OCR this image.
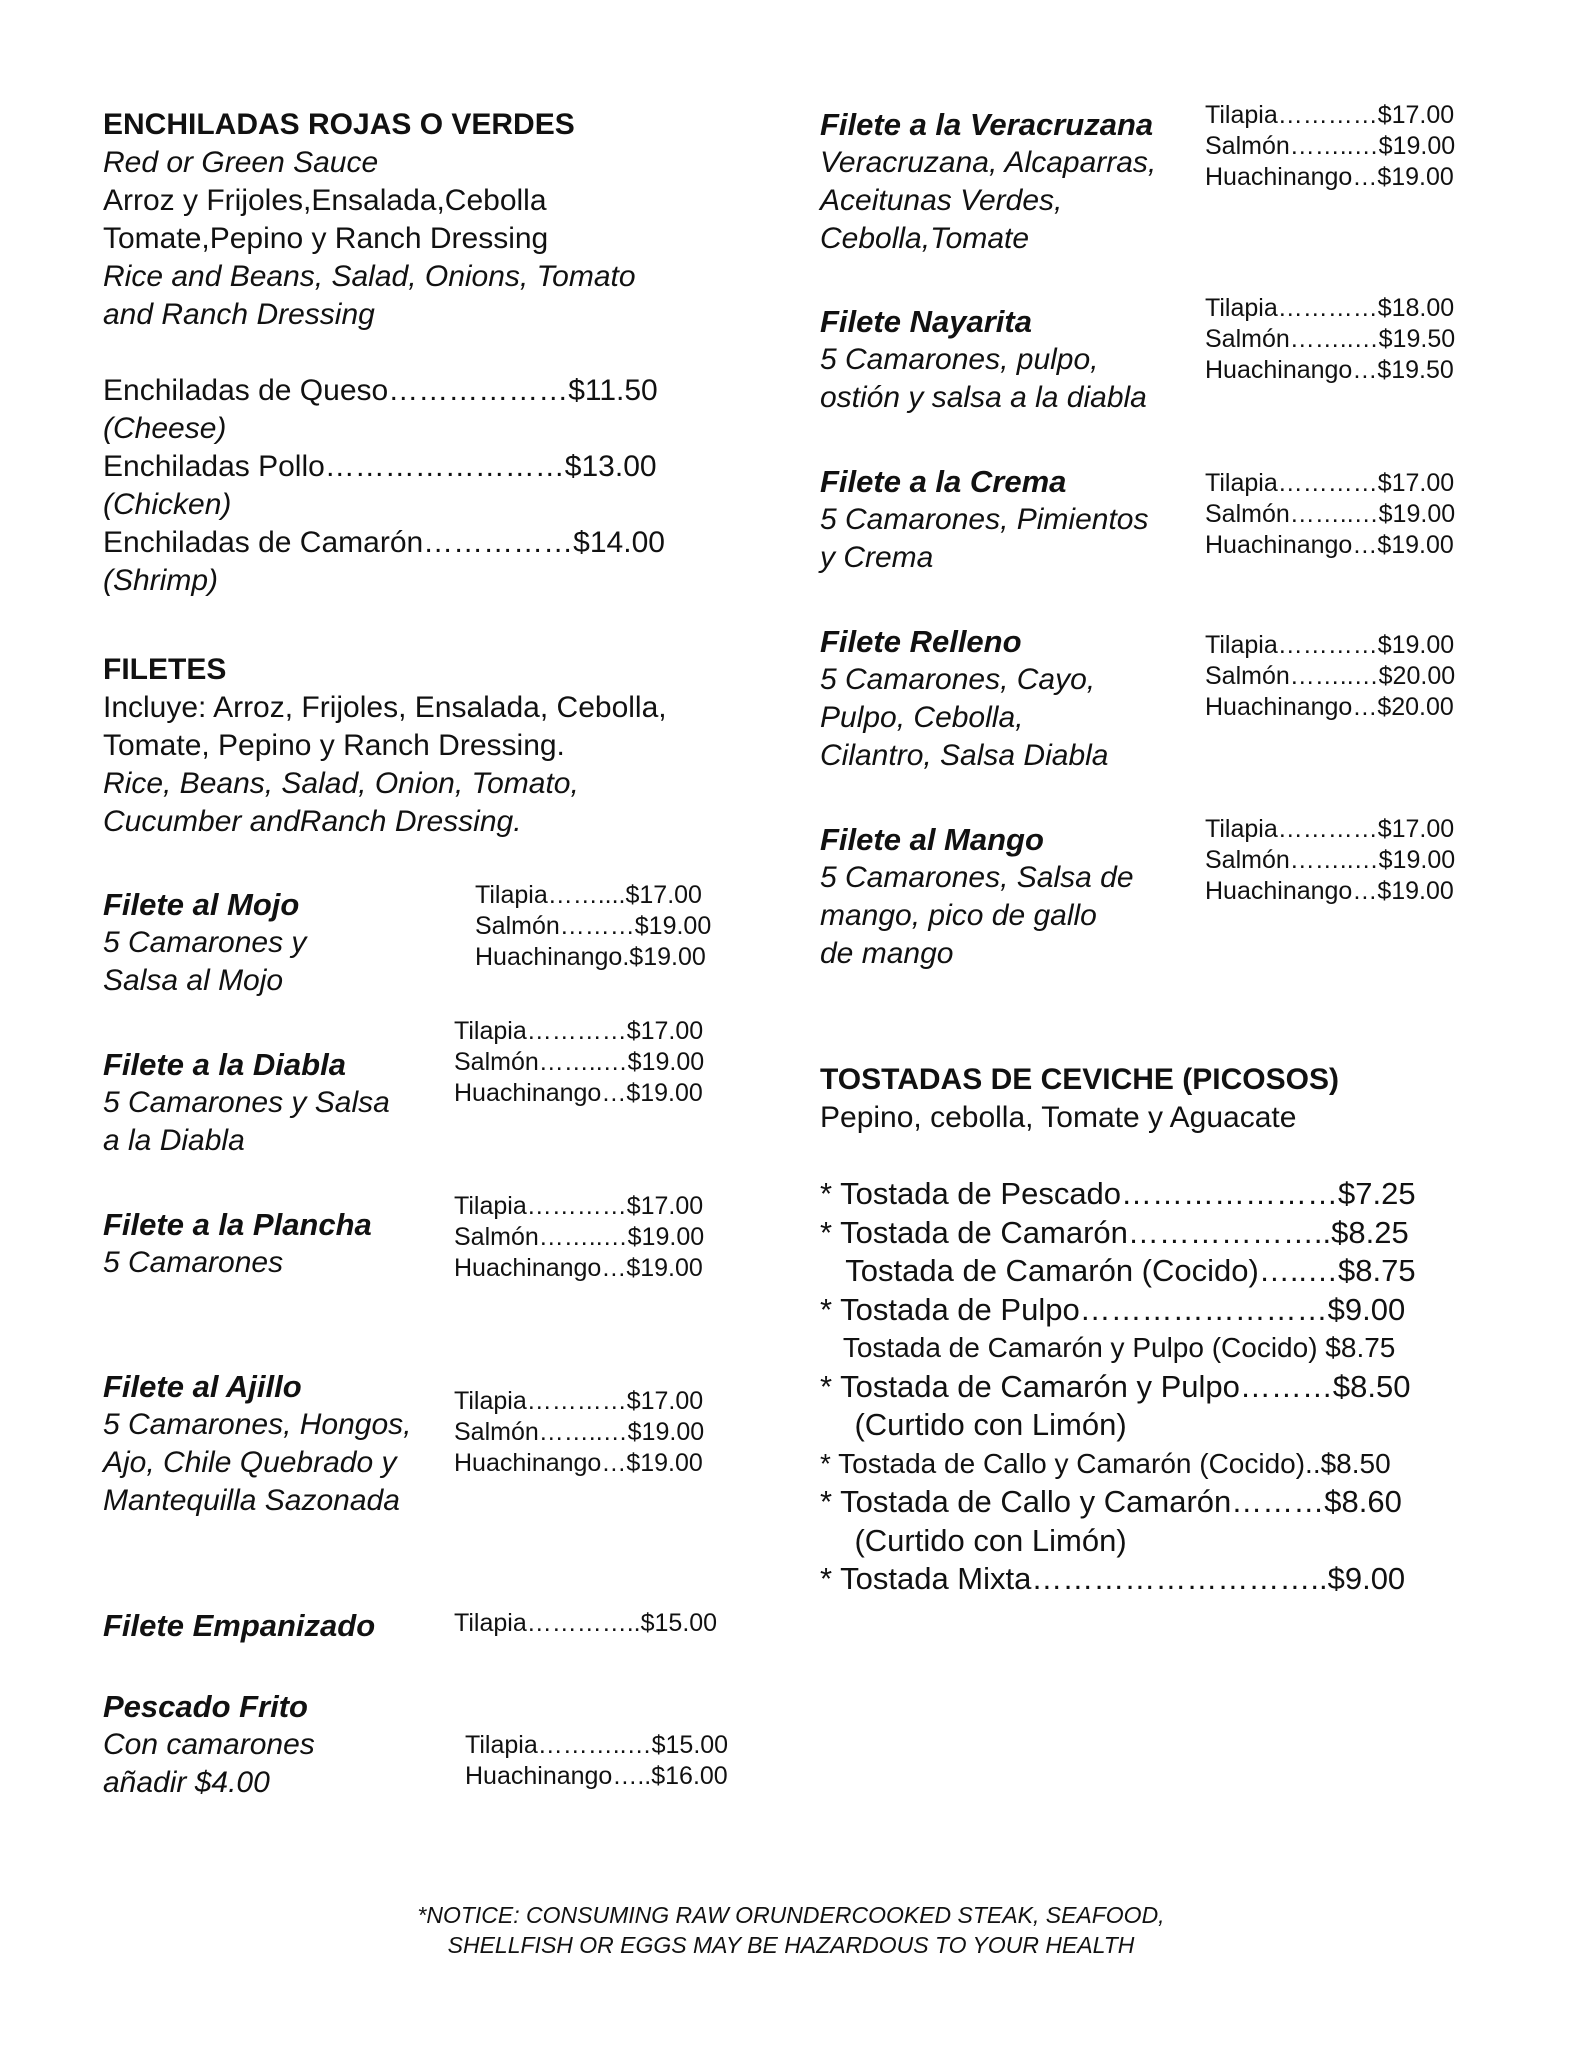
ENCHILADAS ROJAS O VERDES
Red or Green Sauce
Arroz y Frijoles,Ensalada,Cebolla
Tomate,Pepino y Ranch Dressing
Rice and Beans, Salad, Onions, Tomato
and Ranch Dressing
Enchiladas de Queso………………$11.50
(Cheese)
Enchiladas Pollo……………………$13.00
(Chicken)
Enchiladas de Camarón……………$14.00
(Shrimp)
FILETES
Incluye: Arroz, Frijoles, Ensalada, Cebolla,
Tomate, Pepino y Ranch Dressing.
Rice, Beans, Salad, Onion, Tomato,
Cucumber andRanch Dressing.
Filete al Mojo
5 Camarones y
Salsa al Mojo
Tilapia……....$17.00
Salmón………$19.00
Huachinango.$19.00
Filete a la Diabla
5 Camarones y Salsa
a la Diabla
Tilapia…………$17.00
Salmón……..…$19.00
Huachinango…$19.00
Filete a la Plancha
5 Camarones
Tilapia…………$17.00
Salmón……..…$19.00
Huachinango…$19.00
Filete al Ajillo
5 Camarones, Hongos,
Ajo, Chile Quebrado y
Mantequilla Sazonada
Tilapia…………$17.00
Salmón……..…$19.00
Huachinango…$19.00
Filete Empanizado	Tilapia…………..$15.00
Pescado Frito
Con camarones
añadir $4.00
Tilapia………..…$15.00
Huachinango…..$16.00
Filete a la Veracruzana
Veracruzana, Alcaparras,
Aceitunas Verdes,
Cebolla,Tomate
Tilapia…………$17.00
Salmón……..…$19.00
Huachinango…$19.00
Filete Nayarita
5 Camarones, pulpo,
ostión y salsa a la diabla
Tilapia…………$18.00
Salmón……..…$19.50
Huachinango…$19.50
Filete a la Crema
5 Camarones, Pimientos
y Crema
Tilapia…………$17.00
Salmón……..…$19.00
Huachinango…$19.00
Filete Relleno
5 Camarones, Cayo,
Pulpo, Cebolla,
Cilantro, Salsa Diabla
Tilapia…………$19.00
Salmón……..…$20.00
Huachinango…$20.00
Filete al Mango
5 Camarones, Salsa de
mango, pico de gallo
de mango
Tilapia…………$17.00
Salmón……..…$19.00
Huachinango…$19.00
TOSTADAS DE CEVICHE (PICOSOS)
Pepino, cebolla, Tomate y Aguacate
* Tostada de Pescado…………………$7.25
* Tostada de Camarón………………..$8.25
Tostada de Camarón (Cocido)…..…$8.75
* Tostada de Pulpo……………………$9.00
Tostada de Camarón y Pulpo (Cocido) $8.75
* Tostada de Camarón y Pulpo………$8.50
(Curtido con Limón)
* Tostada de Callo y Camarón (Cocido)..$8.50
* Tostada de Callo y Camarón………$8.60
(Curtido con Limón)
* Tostada Mixta………………………..$9.00
*NOTICE: CONSUMING RAW ORUNDERCOOKED STEAK, SEAFOOD,
SHELLFISH OR EGGS MAY BE HAZARDOUS TO YOUR HEALTH
